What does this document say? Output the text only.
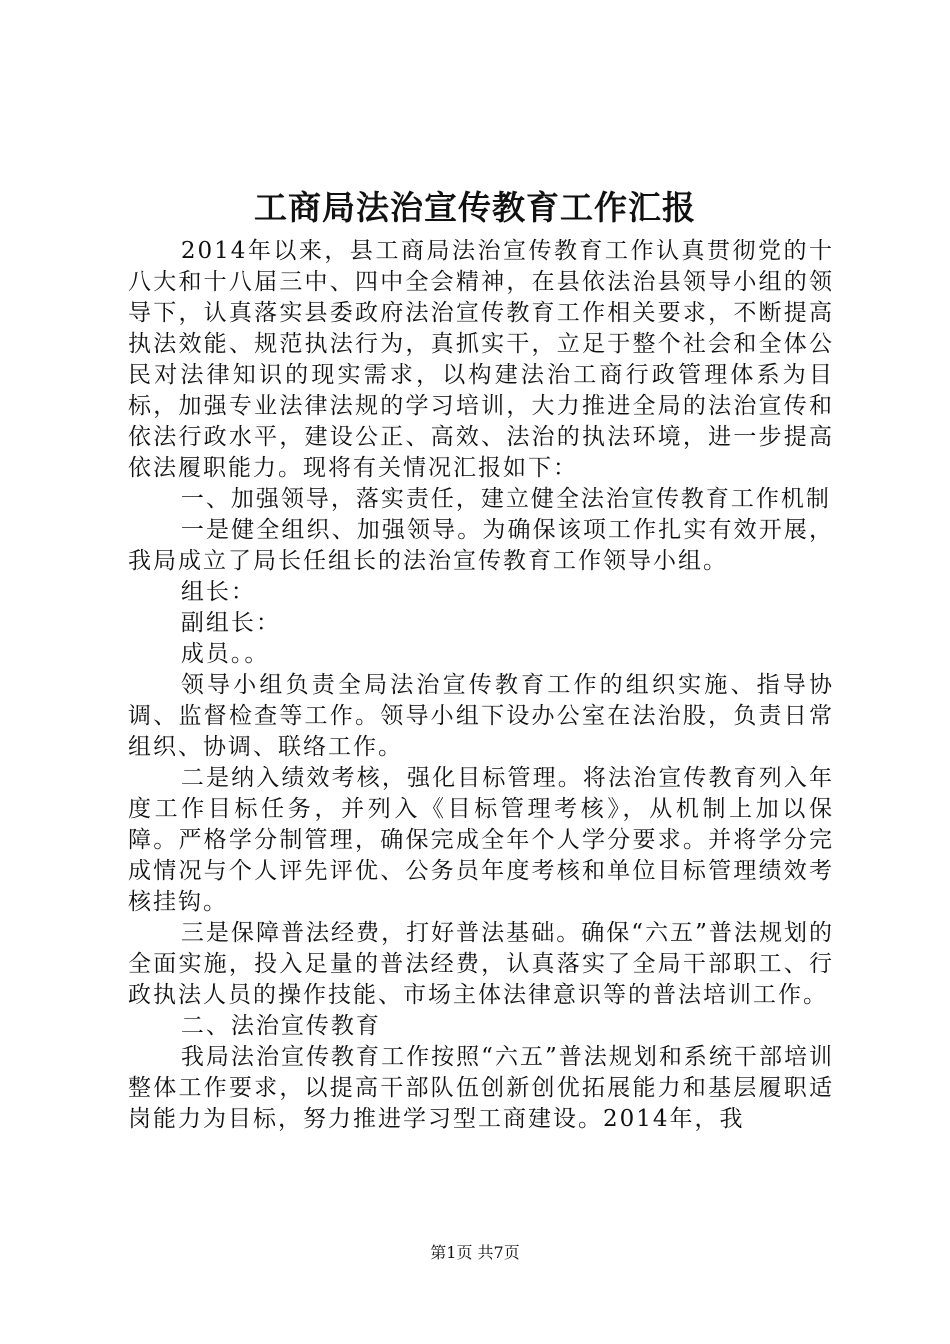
工商局法治宣传教育工作汇报

2014年以来，县工商局法治宣传教育工作认真贯彻党的十八大和十八届三中、四中全会精神，在县依法治县领导小组的领导下，认真落实县委政府法治宣传教育工作相关要求，不断提高执法效能、规范执法行为，真抓实干，立足于整个社会和全体公民对法律知识的现实需求，以构建法治工商行政管理体系为目标，加强专业法律法规的学习培训，大力推进全局的法治宣传和依法行政水平，建设公正、高效、法治的执法环境，进一步提高依法履职能力。现将有关情况汇报如下：

一、加强领导，落实责任，建立健全法治宣传教育工作机制

一是健全组织、加强领导。为确保该项工作扎实有效开展，我局成立了局长任组长的法治宣传教育工作领导小组。

组长：

副组长：

成员。。

领导小组负责全局法治宣传教育工作的组织实施、指导协调、监督检查等工作。领导小组下设办公室在法治股，负责日常组织、协调、联络工作。

二是纳入绩效考核，强化目标管理。将法治宣传教育列入年度工作目标任务，并列入《目标管理考核》，从机制上加以保障。严格学分制管理，确保完成全年个人学分要求。并将学分完成情况与个人评先评优、公务员年度考核和单位目标管理绩效考核挂钩。

三是保障普法经费，打好普法基础。确保“六五”普法规划的全面实施，投入足量的普法经费，认真落实了全局干部职工、行政执法人员的操作技能、市场主体法律意识等的普法培训工作。

二、法治宣传教育

我局法治宣传教育工作按照“六五”普法规划和系统干部培训整体工作要求，以提高干部队伍创新创优拓展能力和基层履职适岗能力为目标，努力推进学习型工商建设。2014年，我

第1页 共7页
